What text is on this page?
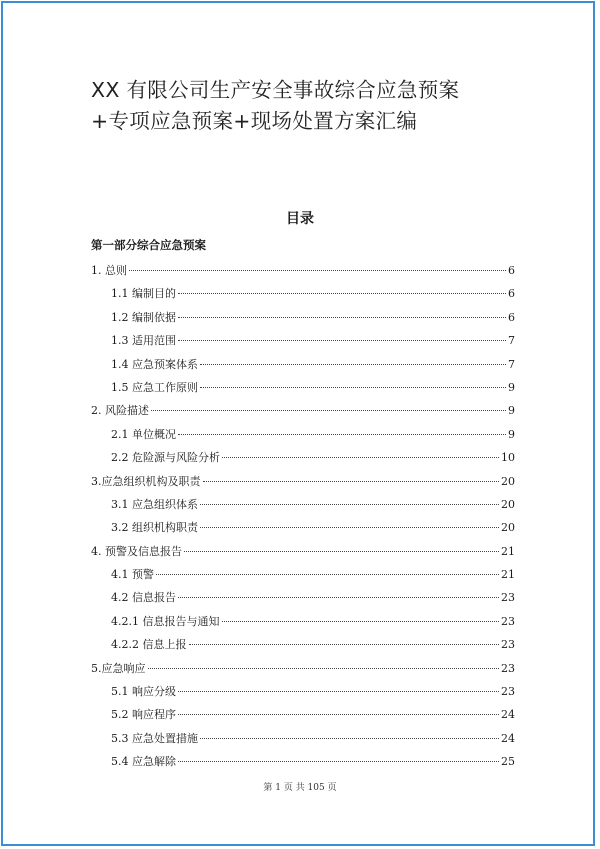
XX 有限公司生产安全事故综合应急预案
+专项应急预案+现场处置方案汇编
目录
第一部分综合应急预案
1. 总则	6
1.1 编制目的	6
1.2 编制依据	6
1.3 适用范围	7
1.4 应急预案体系	7
1.5 应急工作原则	9
2. 风险描述	9
2.1 单位概况	9
2.2 危险源与风险分析	10
3.应急组织机构及职责	20
3.1 应急组织体系	20
3.2 组织机构职责	20
4. 预警及信息报告	21
4.1 预警	21
4.2 信息报告	23
4.2.1 信息报告与通知	23
4.2.2 信息上报	23
5.应急响应	23
5.1 响应分级	23
5.2 响应程序	24
5.3 应急处置措施	24
5.4 应急解除	25
第 1 页 共 105 页
